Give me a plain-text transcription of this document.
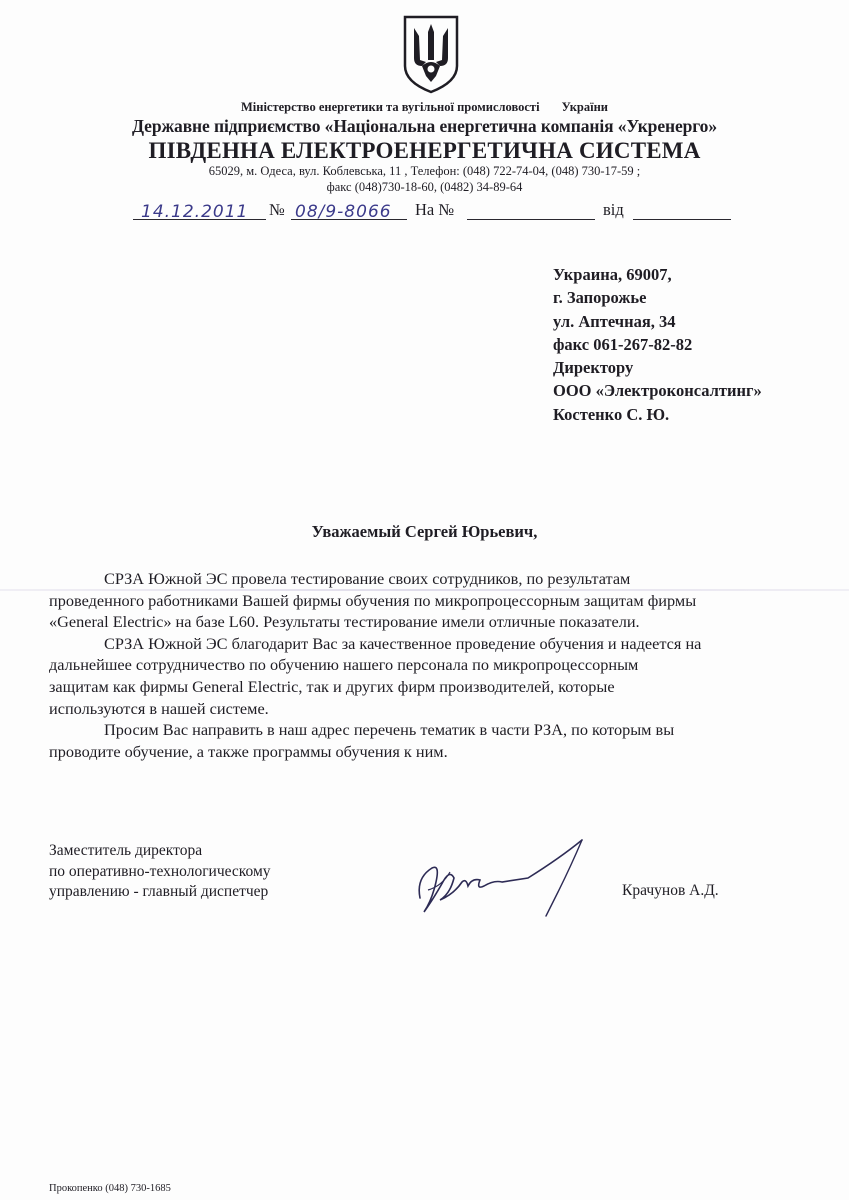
Міністерство енергетики та вугільної промисловості України
Державне підприємство «Національна енергетична компанія «Укренерго»
ПІВДЕННА ЕЛЕКТРОЕНЕРГЕТИЧНА СИСТЕМА
65029, м. Одеса, вул. Коблевська, 11 , Телефон: (048) 722-74-04, (048) 730-17-59 ;
факс (048)730-18-60, (0482) 34-89-64
14.12.2011 № 08/9-8066 На №	від
Украина, 69007,
г. Запорожье
ул. Аптечная, 34
факс 061-267-82-82
Директору
ООО «Электроконсалтинг»
Костенко С. Ю.
Уважаемый Сергей Юрьевич,
СРЗА Южной ЭС провела тестирование своих сотрудников, по результатам
проведенного работниками Вашей фирмы обучения по микропроцессорным защитам фирмы
«General Electric» на базе L60. Результаты тестирование имели отличные показатели.
СРЗА Южной ЭС благодарит Вас за качественное проведение обучения и надеется на
дальнейшее сотрудничество по обучению нашего персонала по микропроцессорным
защитам как фирмы General Electric, так и других фирм производителей, которые
используются в нашей системе.
Просим Вас направить в наш адрес перечень тематик в части РЗА, по которым вы
проводите обучение, а также программы обучения к ним.
Заместитель директора
по оперативно-технологическому
управлению - главный диспетчер	Крачунов А.Д.
Прокопенко (048) 730-1685
